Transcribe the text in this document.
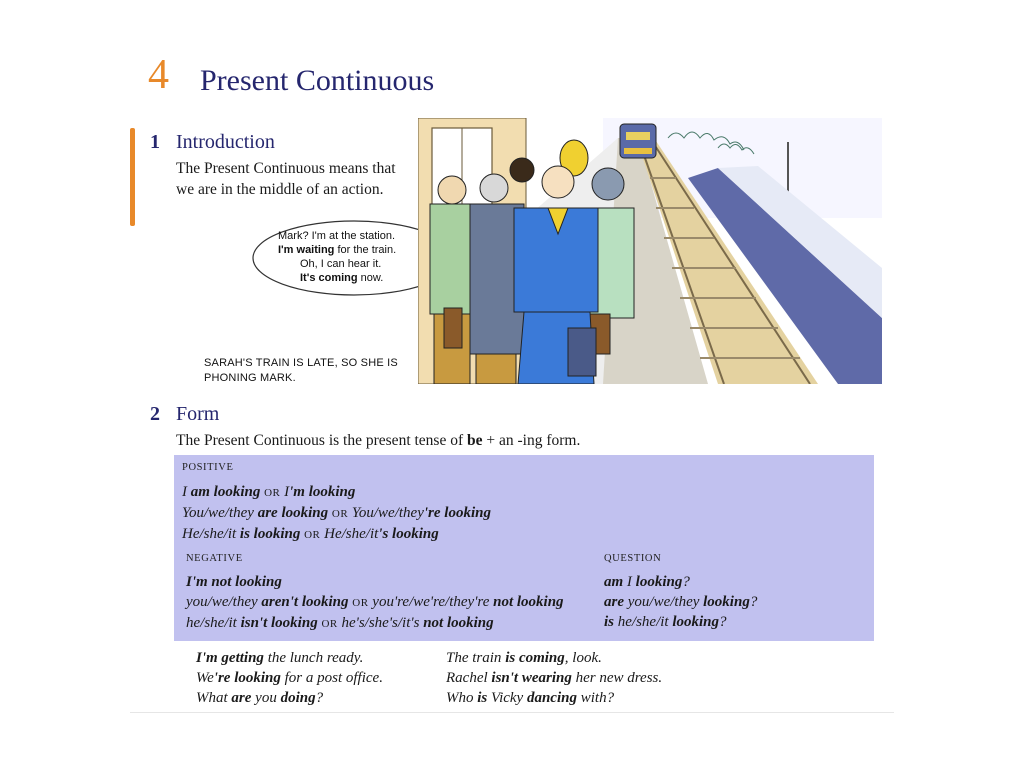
4 Present Continuous
1 Introduction
The Present Continuous means that
we are in the middle of an action.
Mark? I'm at the station.
I'm waiting for the train.
Oh, I can hear it.
It's coming now.
SARAH'S TRAIN IS LATE, SO SHE IS
PHONING MARK.
2 Form
The Present Continuous is the present tense of be + an -ing form.
POSITIVE
I am looking OR I'm looking
You/we/they are looking OR You/we/they're looking
He/she/it is looking OR He/she/it's looking
NEGATIVE
I'm not looking
you/we/they aren't looking OR you're/we're/they're not looking
he/she/it isn't looking OR he's/she's/it's not looking
QUESTION
am I looking?
are you/we/they looking?
is he/she/it looking?
I'm getting the lunch ready.
We're looking for a post office.
What are you doing?
The train is coming, look.
Rachel isn't wearing her new dress.
Who is Vicky dancing with?
